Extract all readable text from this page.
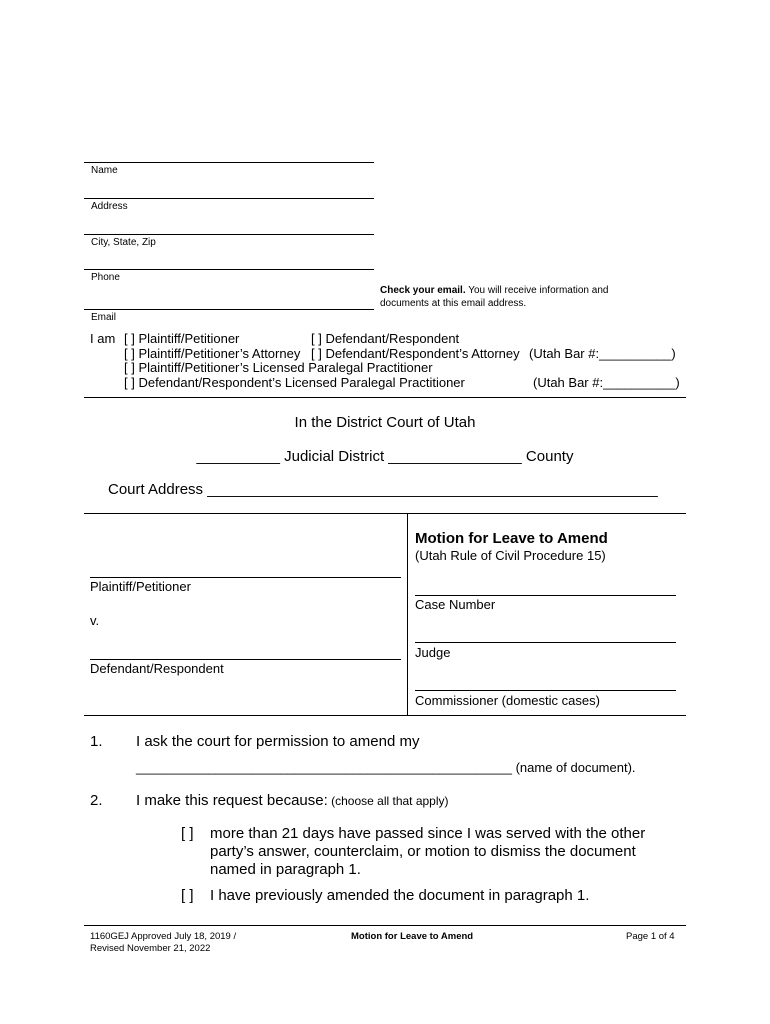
Name
Address
City, State, Zip
Phone
Email
Check your email. You will receive information and
documents at this email address.
I am [ ] Plaintiff/Petitioner	[ ] Defendant/Respondent
[ ] Plaintiff/Petitioner’s Attorney [ ] Defendant/Respondent’s Attorney (Utah Bar #:__________)
[ ] Plaintiff/Petitioner’s Licensed Paralegal Practitioner
[ ] Defendant/Respondent’s Licensed Paralegal Practitioner	(Utah Bar #:__________)
In the District Court of Utah
__________ Judicial District ________________ County
Court Address ______________________________________________________
Plaintiff/Petitioner
v.
Defendant/Respondent
Motion for Leave to Amend
(Utah Rule of Civil Procedure 15)
Case Number
Judge
Commissioner (domestic cases)
1. I ask the court for permission to amend my
____________________________________________________ (name of document).
2. I make this request because: (choose all that apply)
[ ] more than 21 days have passed since I was served with the other
party’s answer, counterclaim, or motion to dismiss the document
named in paragraph 1.
[ ] I have previously amended the document in paragraph 1.
1160GEJ Approved July 18, 2019 /
Revised November 21, 2022
Motion for Leave to Amend	Page 1 of 4
